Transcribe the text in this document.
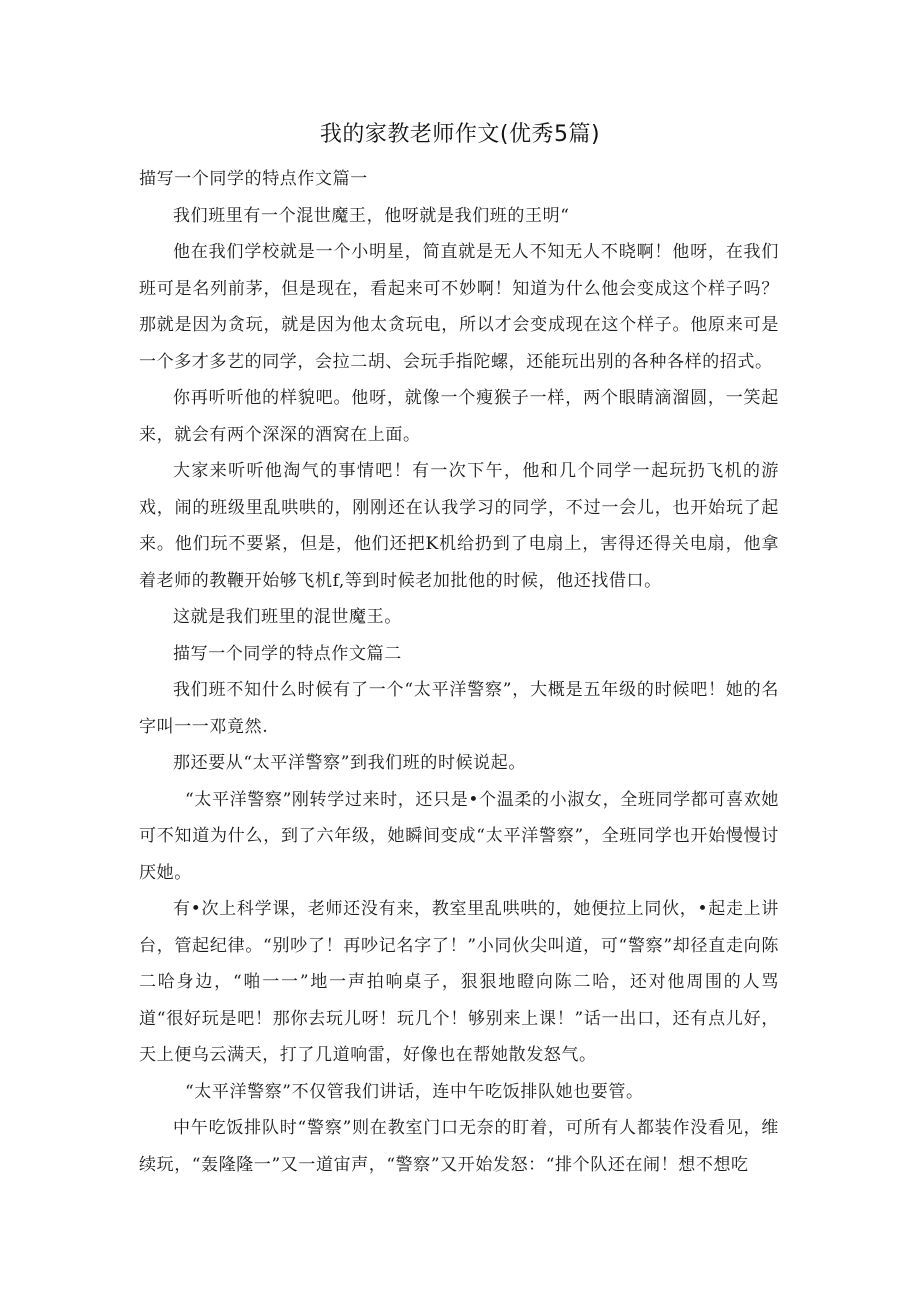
我的家教老师作文(优秀5篇)

描写一个同学的特点作文篇一

我们班里有一个混世魔王，他呀就是我们班的王明“

他在我们学校就是一个小明星，简直就是无人不知无人不晓啊！他呀，在我们班可是名列前茅，但是现在，看起来可不妙啊！知道为什么他会变成这个样子吗？那就是因为贪玩，就是因为他太贪玩电，所以才会变成现在这个样子。他原来可是一个多才多艺的同学，会拉二胡、会玩手指陀螺，还能玩出别的各种各样的招式。

你再听听他的样貌吧。他呀，就像一个瘦猴子一样，两个眼睛滴溜圆，一笑起来，就会有两个深深的酒窝在上面。

大家来听听他淘气的事情吧！有一次下午，他和几个同学一起玩扔飞机的游戏，闹的班级里乱哄哄的，刚刚还在认我学习的同学，不过一会儿，也开始玩了起来。他们玩不要紧，但是，他们还把K机给扔到了电扇上，害得还得关电扇，他拿着老师的教鞭开始够飞机f,等到时候老加批他的时候，他还找借口。

这就是我们班里的混世魔王。

描写一个同学的特点作文篇二

我们班不知什么时候有了一个“太平洋警察”，大概是五年级的时候吧！她的名字叫一一邓竟然.

那还要从“太平洋警察”到我们班的时候说起。

“太平洋警察”刚转学过来时，还只是•个温柔的小淑女，全班同学都可喜欢她可不知道为什么，到了六年级，她瞬间变成“太平洋警察”，全班同学也开始慢慢讨厌她。

有•次上科学课，老师还没有来，教室里乱哄哄的，她便拉上同伙，•起走上讲台，管起纪律。“别吵了！再吵记名字了！”小同伙尖叫道，可“警察”却径直走向陈二哈身边，“啪一一”地一声拍响桌子，狠狠地瞪向陈二哈，还对他周围的人骂道“很好玩是吧！那你去玩儿呀！玩几个！够别来上课！”话一出口，还有点儿好，天上便乌云满天，打了几道响雷，好像也在帮她散发怒气。

“太平洋警察”不仅管我们讲话，连中午吃饭排队她也要管。

中午吃饭排队时“警察”则在教室门口无奈的盯着，可所有人都装作没看见，维续玩，“轰隆隆一”又一道宙声，“警察”又开始发怒：“排个队还在闹！想不想吃
